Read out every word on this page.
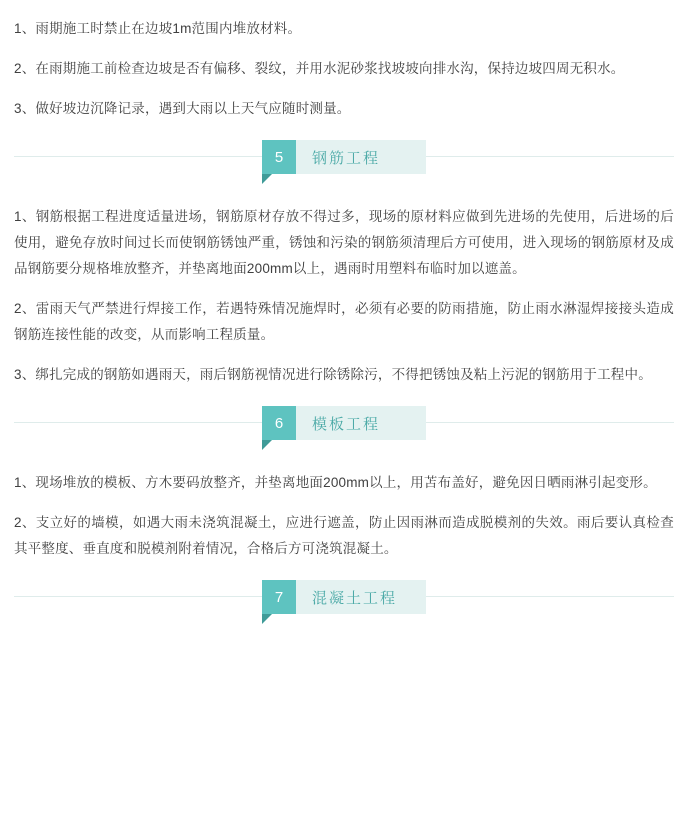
1、雨期施工时禁止在边坡1m范围内堆放材料。

2、在雨期施工前检查边坡是否有偏移、裂纹，并用水泥砂浆找坡坡向排水沟，保持边坡四周无积水。

3、做好坡边沉降记录，遇到大雨以上天气应随时测量。

5	钢筋工程

1、钢筋根据工程进度适量进场，钢筋原材存放不得过多，现场的原材料应做到先进场的先使用，后进场的后使用，避免存放时间过长而使钢筋锈蚀严重，锈蚀和污染的钢筋须清理后方可使用，进入现场的钢筋原材及成品钢筋要分规格堆放整齐，并垫离地面200mm以上，遇雨时用塑料布临时加以遮盖。

2、雷雨天气严禁进行焊接工作，若遇特殊情况施焊时，必须有必要的防雨措施，防止雨水淋湿焊接接头造成钢筋连接性能的改变，从而影响工程质量。

3、绑扎完成的钢筋如遇雨天，雨后钢筋视情况进行除锈除污，不得把锈蚀及粘上污泥的钢筋用于工程中。

6	模板工程

1、现场堆放的模板、方木要码放整齐，并垫离地面200mm以上，用苫布盖好，避免因日晒雨淋引起变形。

2、支立好的墙模，如遇大雨未浇筑混凝土，应进行遮盖，防止因雨淋而造成脱模剂的失效。雨后要认真检查其平整度、垂直度和脱模剂附着情况，合格后方可浇筑混凝土。

7	混凝土工程
